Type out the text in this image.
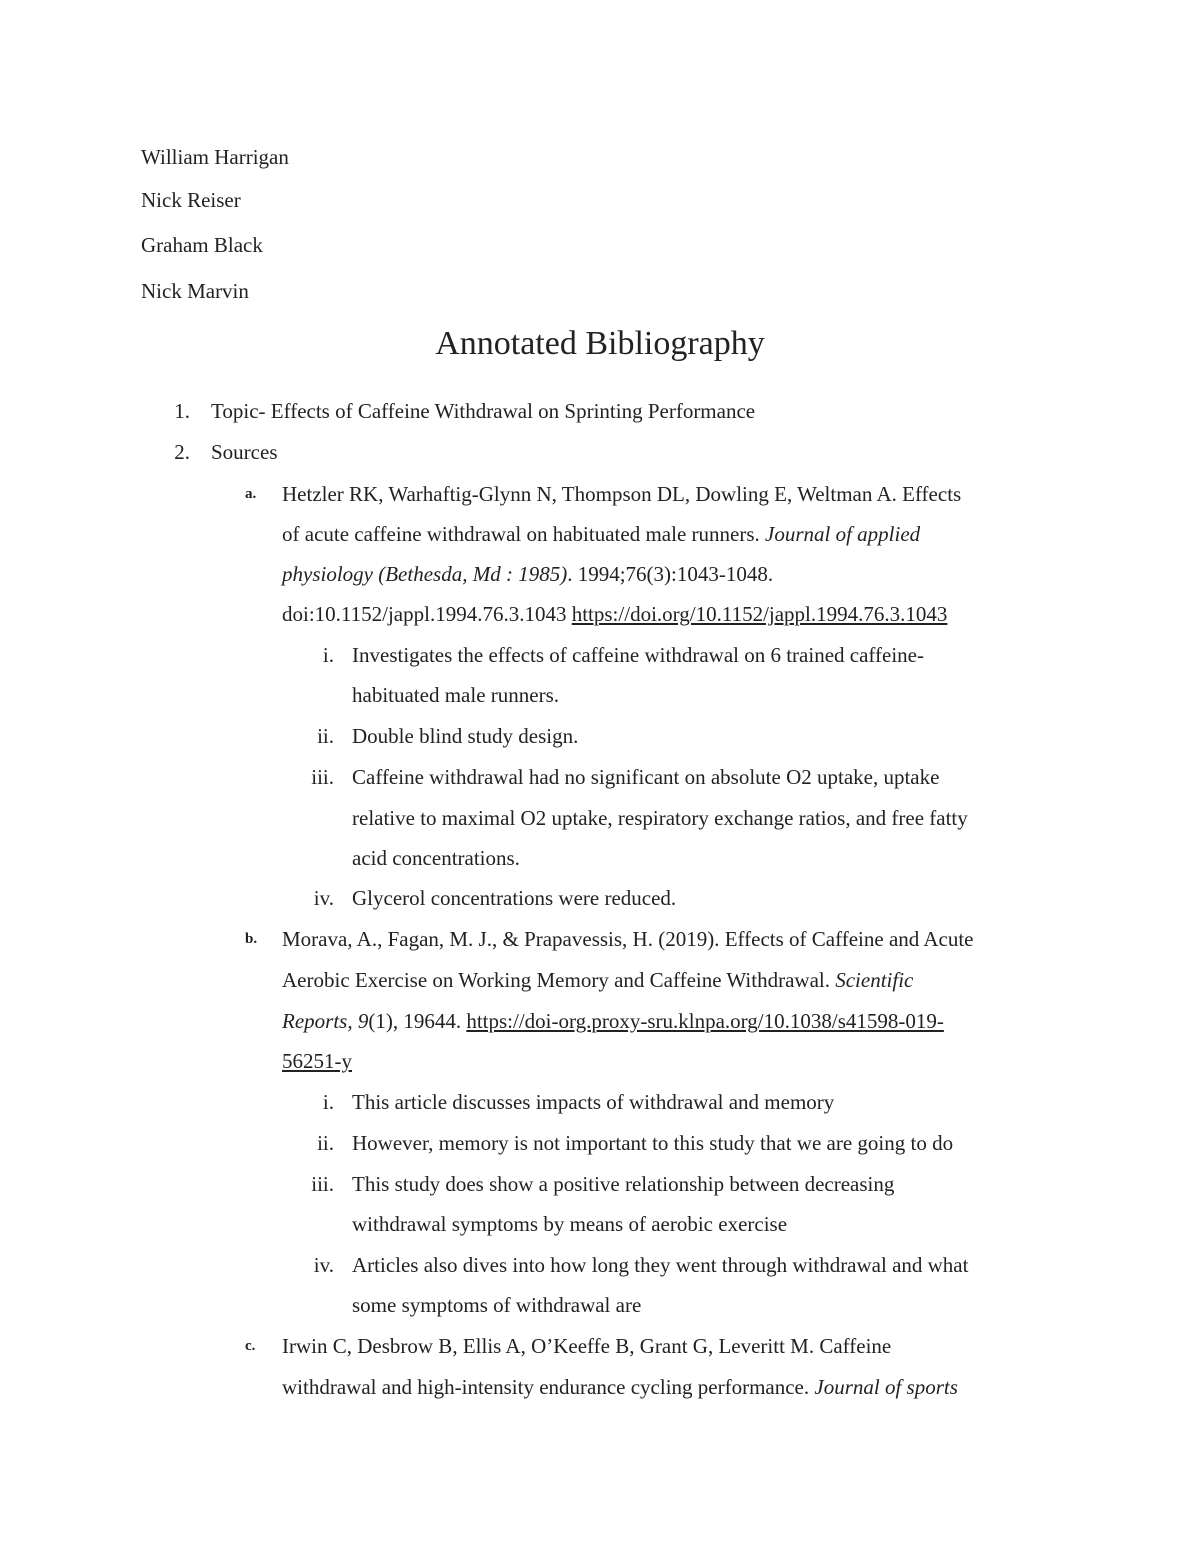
William Harrigan
Nick Reiser
Graham Black
Nick Marvin
Annotated Bibliography
1. Topic- Effects of Caffeine Withdrawal on Sprinting Performance
2. Sources
a. Hetzler RK, Warhaftig-Glynn N, Thompson DL, Dowling E, Weltman A. Effects
of acute caffeine withdrawal on habituated male runners. Journal of applied
physiology (Bethesda, Md : 1985). 1994;76(3):1043-1048.
doi:10.1152/jappl.1994.76.3.1043 https://doi.org/10.1152/jappl.1994.76.3.1043
i. Investigates the effects of caffeine withdrawal on 6 trained caffeine-
habituated male runners.
ii. Double blind study design.
iii. Caffeine withdrawal had no significant on absolute O2 uptake, uptake
relative to maximal O2 uptake, respiratory exchange ratios, and free fatty
acid concentrations.
iv. Glycerol concentrations were reduced.
b. Morava, A., Fagan, M. J., & Prapavessis, H. (2019). Effects of Caffeine and Acute
Aerobic Exercise on Working Memory and Caffeine Withdrawal. Scientific
Reports, 9(1), 19644. https://doi-org.proxy-sru.klnpa.org/10.1038/s41598-019-
56251-y
i. This article discusses impacts of withdrawal and memory
ii. However, memory is not important to this study that we are going to do
iii. This study does show a positive relationship between decreasing
withdrawal symptoms by means of aerobic exercise
iv. Articles also dives into how long they went through withdrawal and what
some symptoms of withdrawal are
c. Irwin C, Desbrow B, Ellis A, O’Keeffe B, Grant G, Leveritt M. Caffeine
withdrawal and high-intensity endurance cycling performance. Journal of sports
